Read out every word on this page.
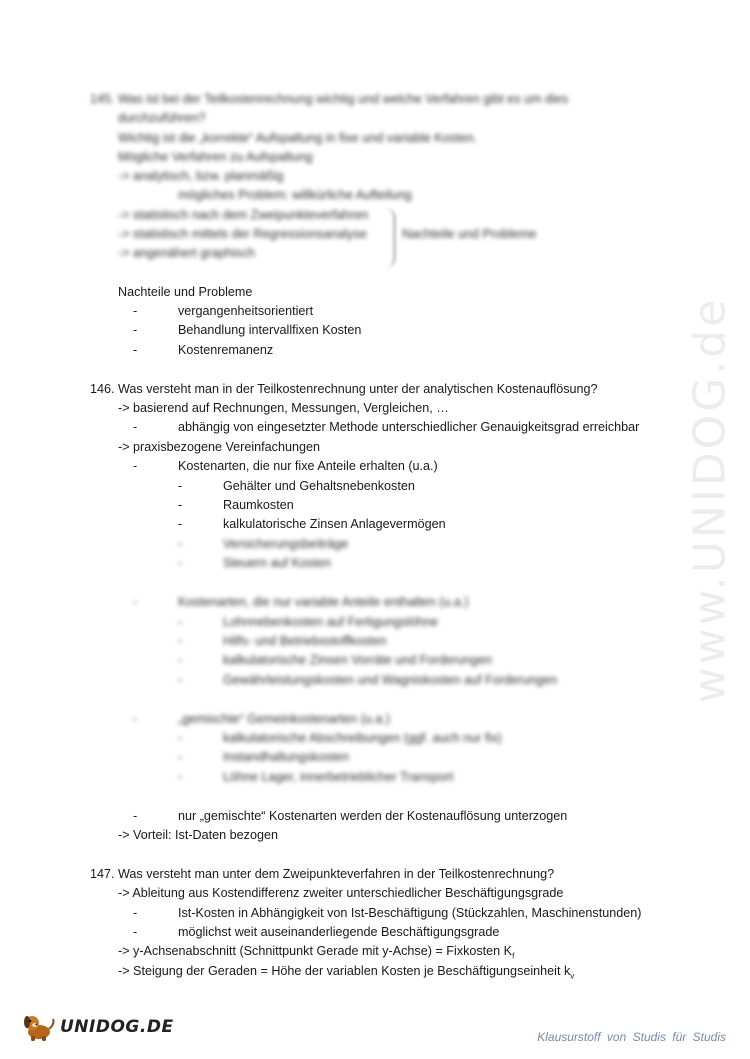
www.UNIDOG.de
145. Was ist bei der Teilkostenrechnung wichtig und welche Verfahren gibt es um dies
durchzuführen?
Wichtig ist die „korrekte“ Aufspaltung in fixe und variable Kosten.
Mögliche Verfahren zu Aufspaltung
-> analytisch, bzw. planmäßig
mögliches Problem: willkürliche Aufteilung
-> statistisch nach dem Zweipunkteverfahren
-> statistisch mittels der Regressionsanalyse	Nachteile und Probleme
-> angenähert graphisch
Nachteile und Probleme
-	vergangenheitsorientiert
-	Behandlung intervallfixen Kosten
-	Kostenremanenz
146. Was versteht man in der Teilkostenrechnung unter der analytischen Kostenauflösung?
-> basierend auf Rechnungen, Messungen, Vergleichen, …
-	abhängig von eingesetzter Methode unterschiedlicher Genauigkeitsgrad erreichbar
-> praxisbezogene Vereinfachungen
-	Kostenarten, die nur fixe Anteile erhalten (u.a.)
-	Gehälter und Gehaltsnebenkosten
-	Raumkosten
-	kalkulatorische Zinsen Anlagevermögen
-	Versicherungsbeiträge
-	Steuern auf Kosten
-	Kostenarten, die nur variable Anteile enthalten (u.a.)
-	Lohnnebenkosten auf Fertigungslöhne
-	Hilfs- und Betriebsstoffkosten
-	kalkulatorische Zinsen Vorräte und Forderungen
-	Gewährleistungskosten und Wagniskosten auf Forderungen
-	„gemischte“ Gemeinkostenarten (u.a.)
-	kalkulatorische Abschreibungen (ggf. auch nur fix)
-	Instandhaltungskosten
-	Löhne Lager, innerbetrieblicher Transport
-	nur „gemischte“ Kostenarten werden der Kostenauflösung unterzogen
-> Vorteil: Ist-Daten bezogen
147. Was versteht man unter dem Zweipunkteverfahren in der Teilkostenrechnung?
-> Ableitung aus Kostendifferenz zweiter unterschiedlicher Beschäftigungsgrade
-	Ist-Kosten in Abhängigkeit von Ist-Beschäftigung (Stückzahlen, Maschinenstunden)
-	möglichst weit auseinanderliegende Beschäftigungsgrade
-> y-Achsenabschnitt (Schnittpunkt Gerade mit y-Achse) = Fixkosten $K_f$
-> Steigung der Geraden = Höhe der variablen Kosten je Beschäftigungseinheit $k_v$
UNIDOG.DE	Klausurstoff von Studis für Studis
